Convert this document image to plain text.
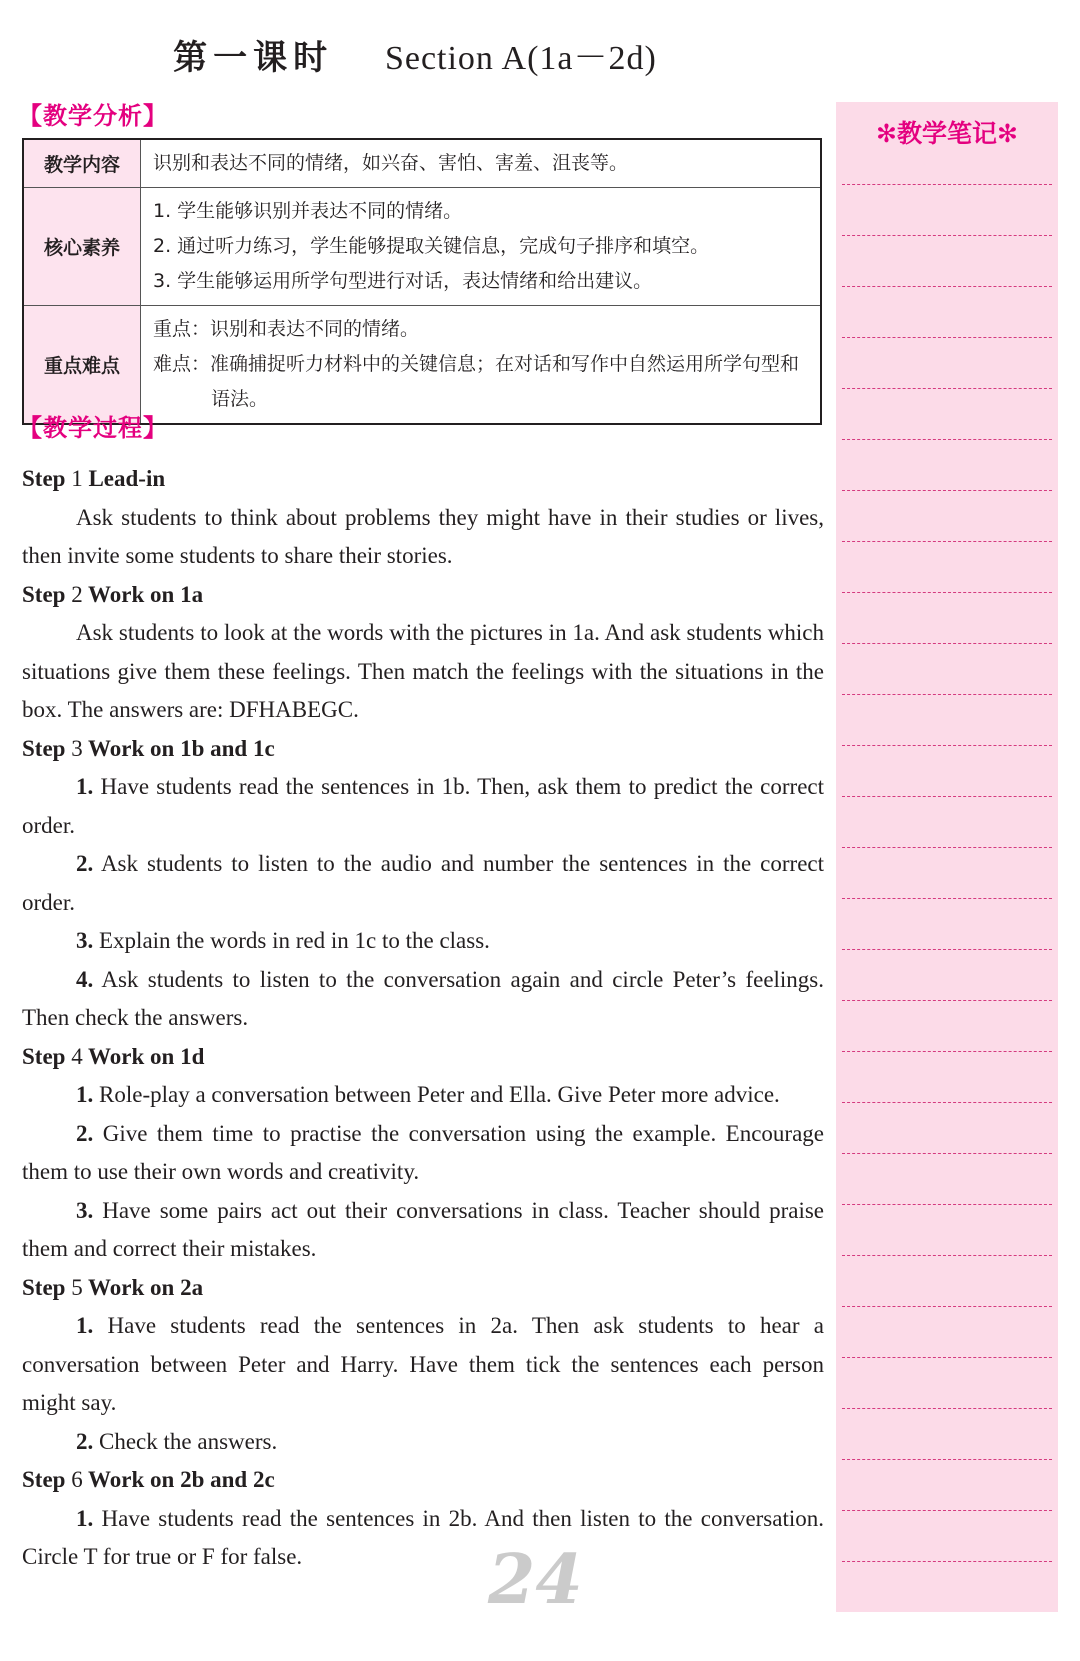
第一课时 Section A(1a－2d)
【教学分析】
教学内容	识别和表达不同的情绪，如兴奋、害怕、害羞、沮丧等。

核心素养	1. 学生能够识别并表达不同的情绪。
2. 通过听力练习，学生能够提取关键信息，完成句子排序和填空。
3. 学生能够运用所学句型进行对话，表达情绪和给出建议。

重点难点	重点：识别和表达不同的情绪。
难点：准确捕捉听力材料中的关键信息；在对话和写作中自然运用所学句型和语法。
【教学过程】

Step 1 Lead-in

Ask students to think about problems they might have in their studies or lives, then invite some students to share their stories.

Step 2 Work on 1a

Ask students to look at the words with the pictures in 1a. And ask students which situations give them these feelings. Then match the feelings with the situations in the box. The answers are: DFHABEGC.

Step 3 Work on 1b and 1c

1. Have students read the sentences in 1b. Then, ask them to predict the correct order.

2. Ask students to listen to the audio and number the sentences in the correct order.

3. Explain the words in red in 1c to the class.

4. Ask students to listen to the conversation again and circle Peter’s feelings. Then check the answers.

Step 4 Work on 1d

1. Role-play a conversation between Peter and Ella. Give Peter more advice.

2. Give them time to practise the conversation using the example. Encourage them to use their own words and creativity.

3. Have some pairs act out their conversations in class. Teacher should praise them and correct their mistakes.

Step 5 Work on 2a

1. Have students read the sentences in 2a. Then ask students to hear a conversation between Peter and Harry. Have them tick the sentences each person might say.

2. Check the answers.

Step 6 Work on 2b and 2c

1. Have students read the sentences in 2b. And then listen to the conversation. Circle T for true or F for false.

✻教学笔记✻
24
